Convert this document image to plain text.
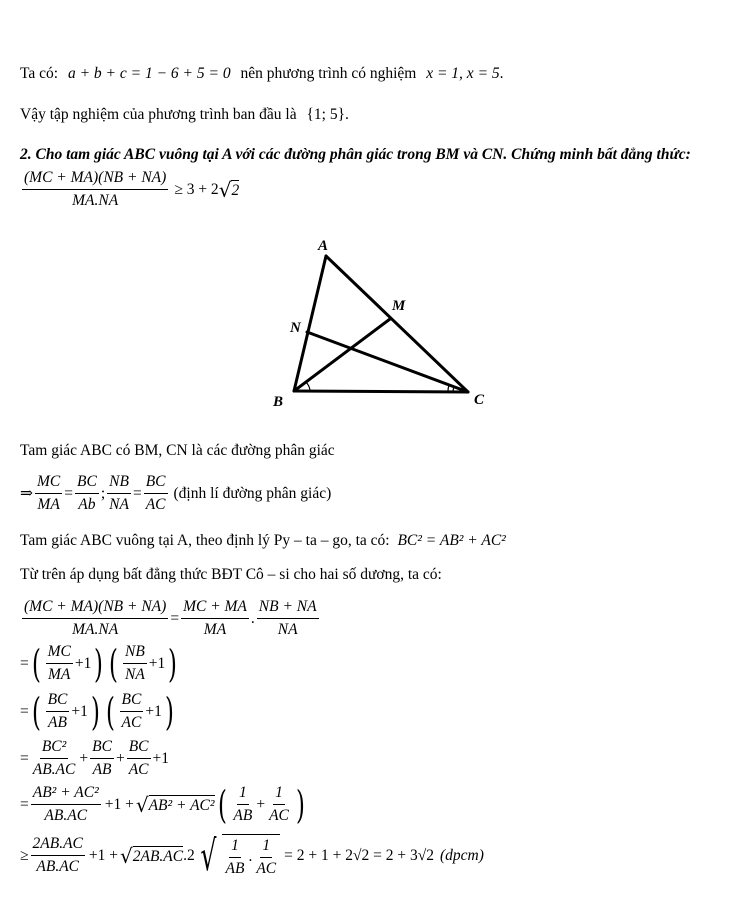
Ta có: a + b + c = 1 − 6 + 5 = 0 nên phương trình có nghiệm x = 1, x = 5.
Vậy tập nghiệm của phương trình ban đầu là {1; 5}.
2. Cho tam giác ABC vuông tại A với các đường phân giác trong BM và CN. Chứng minh bất đẳng thức:
$\frac{(MC + MA)(NB + NA)}{MA.NA} \ge 3 + 2$ √ 2
A
M
N
B	C
Tam giác ABC có BM, CN là các đường phân giác
⇒ $\frac{MC}{MA} = \frac{BC}{Ab}$ ; $\frac{NB}{NA} = \frac{BC}{AC}$ (định lí đường phân giác)
Tam giác ABC vuông tại A, theo định lý Py – ta – go, ta có: BC² = AB² + AC²
Từ trên áp dụng bất đẳng thức BĐT Cô – si cho hai số dương, ta có:
$\frac{(MC + MA)(NB + NA)}{MA.NA} = \frac{MC + MA}{MA}$ . $\frac{NB + NA}{NA}$
= ( $\frac{MC}{MA} +1$ ) ( $\frac{NB}{NA} +1$ )
= ( $\frac{BC}{AB} +1$ ) ( $\frac{BC}{AC} +1$ )
= $\frac{\text{BC²}}{AB.AC} + \frac{BC}{AB} + \frac{BC}{AC} +1$
= $\frac{\text{AB² + AC²}}{AB.AC} +1$ + √ AB² + AC² ( $\frac{1}{AB} + \frac{1}{AC}$ )
≥ $\frac{2AB.AC}{AB.AC} +1$ + √ 2AB.AC .2 √ $\frac{1}{AB}$ . $\frac{1}{AC} = 2 + 1 + 2√2 = 2 + 3√2$ (dpcm)
